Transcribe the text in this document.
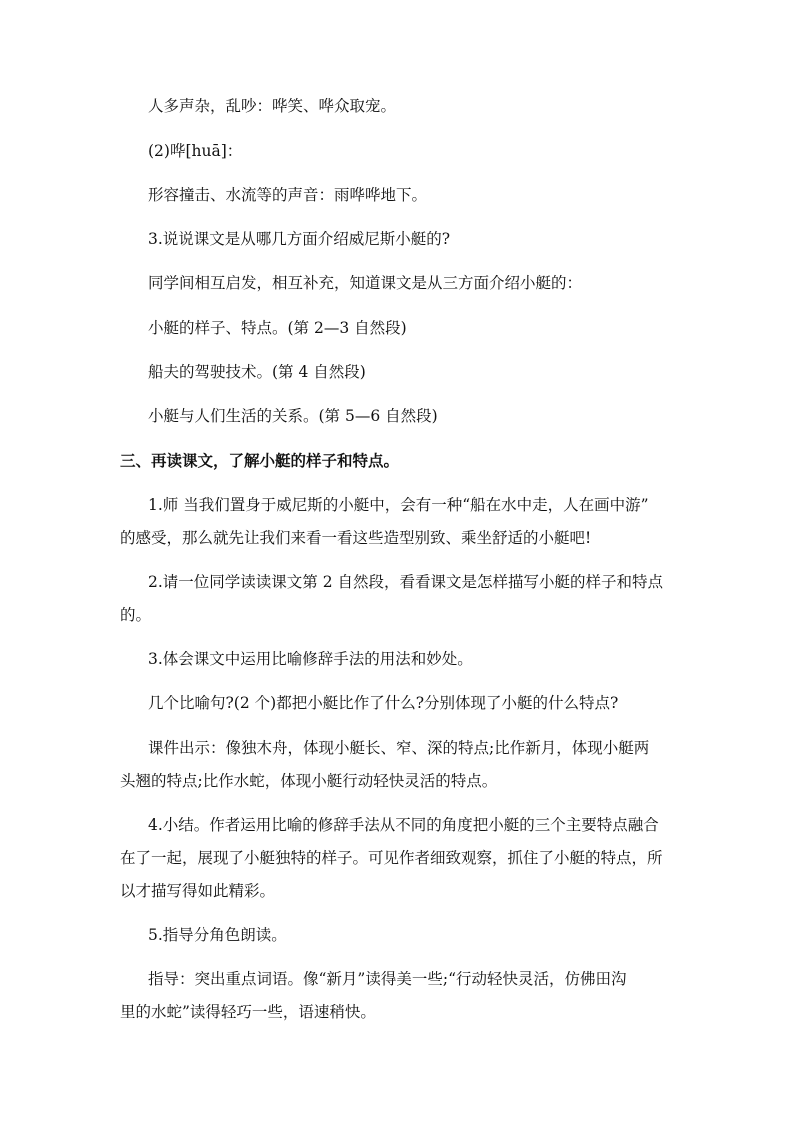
人多声杂，乱吵：哗笑、哗众取宠。
(2)哗[huā]：
形容撞击、水流等的声音：雨哗哗地下。
3.说说课文是从哪几方面介绍威尼斯小艇的?
同学间相互启发，相互补充，知道课文是从三方面介绍小艇的：
小艇的样子、特点。(第 2—3 自然段)
船夫的驾驶技术。(第 4 自然段)
小艇与人们生活的关系。(第 5—6 自然段)
三、再读课文，了解小艇的样子和特点。
1.师 当我们置身于威尼斯的小艇中，会有一种“船在水中走，人在画中游”
的感受，那么就先让我们来看一看这些造型别致、乘坐舒适的小艇吧!
2.请一位同学读读课文第 2 自然段，看看课文是怎样描写小艇的样子和特点
的。
3.体会课文中运用比喻修辞手法的用法和妙处。
几个比喻句?(2 个)都把小艇比作了什么?分别体现了小艇的什么特点?
课件出示：像独木舟，体现小艇长、窄、深的特点;比作新月，体现小艇两
头翘的特点;比作水蛇，体现小艇行动轻快灵活的特点。
4.小结。作者运用比喻的修辞手法从不同的角度把小艇的三个主要特点融合
在了一起，展现了小艇独特的样子。可见作者细致观察，抓住了小艇的特点，所
以才描写得如此精彩。
5.指导分角色朗读。
指导：突出重点词语。像“新月”读得美一些;“行动轻快灵活，仿佛田沟
里的水蛇”读得轻巧一些，语速稍快。
